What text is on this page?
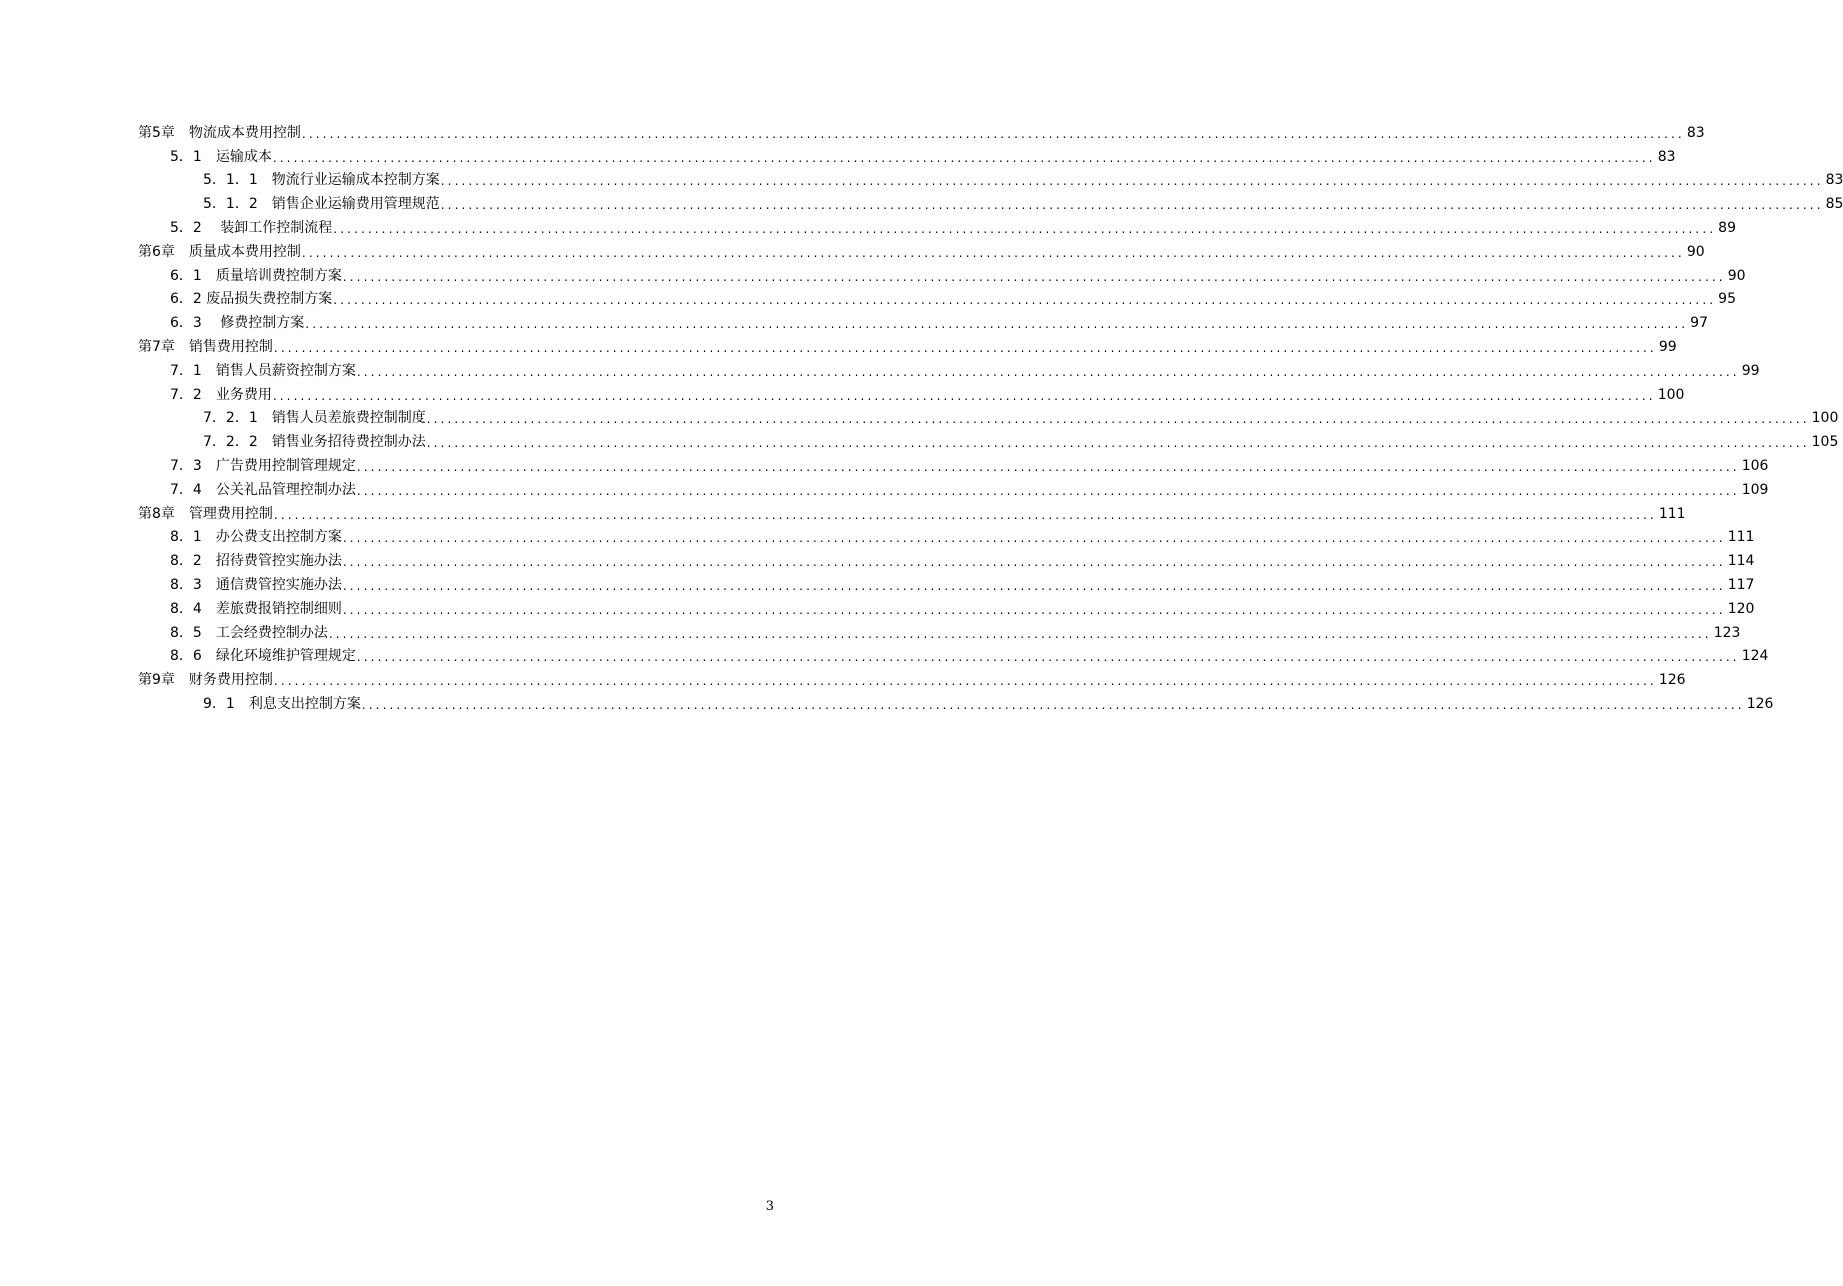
第5章　 物流成本费用控制 ........................................................................................................................................................................................................ 83
5．1　 运输成本 ........................................................................................................................................................................................................ 83
5．1．1　 物流行业运输成本控制方案 ........................................................................................................................................................................................................ 83
5．1．2　 销售企业运输费用管理规范 ........................................................................................................................................................................................................ 85
5．2　 装卸工作控制流程 ........................................................................................................................................................................................................ 89
第6章　 质量成本费用控制 ........................................................................................................................................................................................................ 90
6．1　 质量培训费控制方案 ........................................................................................................................................................................................................ 90
6．2 废品损失费控制方案 ........................................................................................................................................................................................................ 95
6．3　 修费控制方案 ........................................................................................................................................................................................................ 97
第7章　 销售费用控制 ........................................................................................................................................................................................................ 99
7．1　 销售人员薪资控制方案 ........................................................................................................................................................................................................ 99
7．2　 业务费用 ........................................................................................................................................................................................................ 100
7．2．1　 销售人员差旅费控制制度 ........................................................................................................................................................................................................ 100
7．2．2　 销售业务招待费控制办法 ........................................................................................................................................................................................................ 105
7．3　 广告费用控制管理规定 ........................................................................................................................................................................................................ 106
7．4　 公关礼品管理控制办法 ........................................................................................................................................................................................................ 109
第8章　 管理费用控制 ........................................................................................................................................................................................................ 111
8．1　 办公费支出控制方案 ........................................................................................................................................................................................................ 111
8．2　 招待费管控实施办法 ........................................................................................................................................................................................................ 114
8．3　 通信费管控实施办法 ........................................................................................................................................................................................................ 117
8．4　 差旅费报销控制细则 ........................................................................................................................................................................................................ 120
8．5　 工会经费控制办法 ........................................................................................................................................................................................................ 123
8．6　 绿化环境维护管理规定 ........................................................................................................................................................................................................ 124
第9章　 财务费用控制 ........................................................................................................................................................................................................ 126
9．1　 利息支出控制方案 ........................................................................................................................................................................................................ 126
3
